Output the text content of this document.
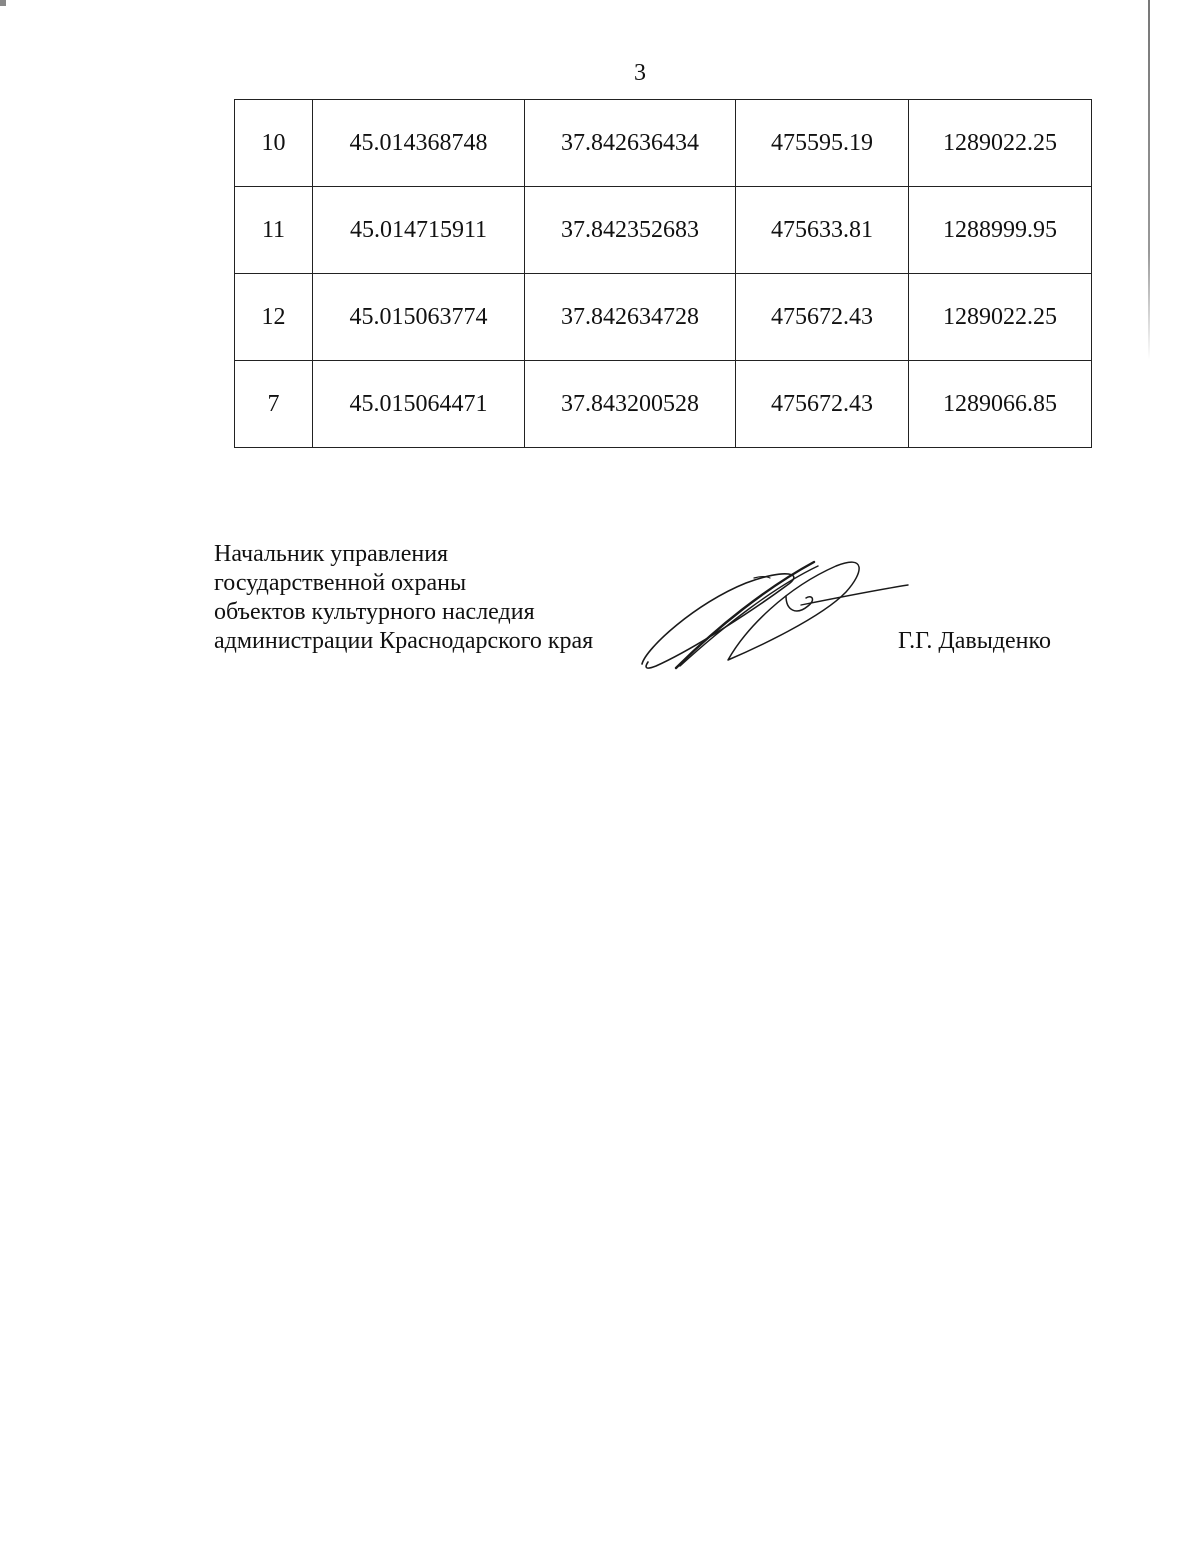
3
10	45.014368748	37.842636434	475595.19	1289022.25
11	45.014715911	37.842352683	475633.81	1288999.95
12	45.015063774	37.842634728	475672.43	1289022.25
7	45.015064471	37.843200528	475672.43	1289066.85
Начальник управления
государственной охраны
объектов культурного наследия
администрации Краснодарского края	Г.Г. Давыденко
